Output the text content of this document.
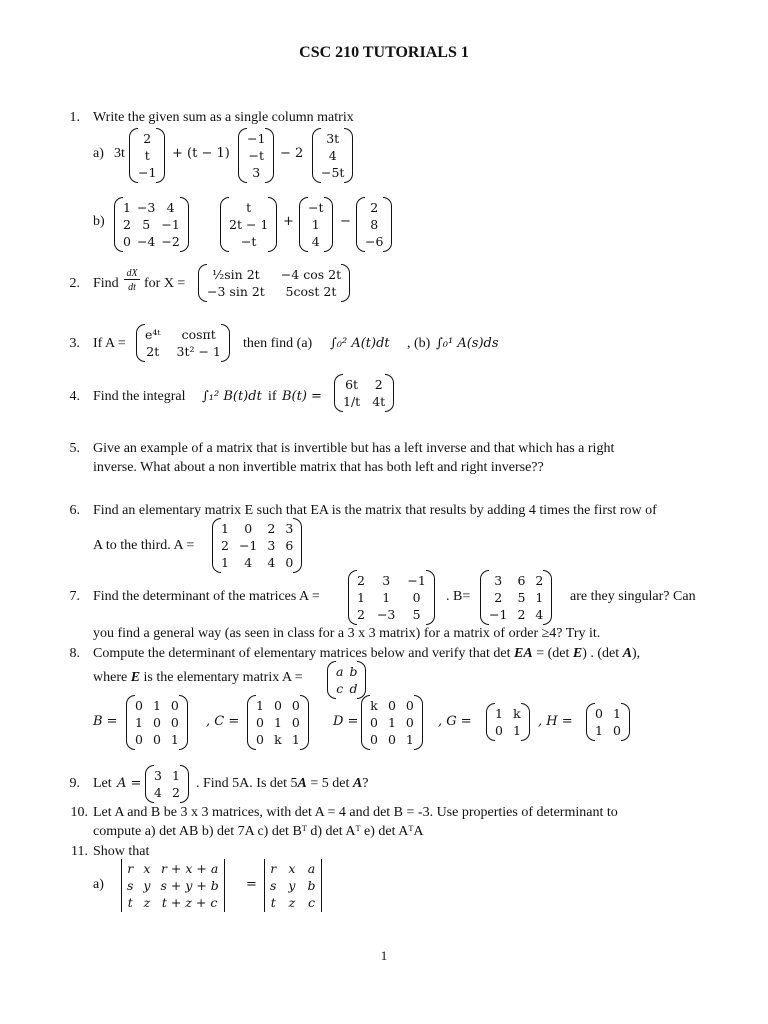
CSC 210 TUTORIALS 1
1. Write the given sum as a single column matrix
a) 3t
2
t
−1
+ (t − 1)
−1
−t
3
− 2
3t
4
−5t
b)
1 −3 4
2 5 −1
0 −4 −2
t
2t − 1
−t
+
−t
1
4
−
2
8
−6
2. Find
dX
dt for X =
½sin 2t	−4 cos 2t
−3 sin 2t	5cost 2t
3. If A =
e⁴ᵗ	cosπt
2t	3t² − 1
then find (a) ∫₀² A(t)dt , (b) ∫₀¹ A(s)ds
4. Find the integral ∫₁² B(t)dt if B(t) =
6t	2
1/t 4t
5. Give an example of a matrix that is invertible but has a left inverse and that which has a right
inverse. What about a non invertible matrix that has both left and right inverse??
6. Find an elementary matrix E such that EA is the matrix that results by adding 4 times the first row of
A to the third. A =
1	0	2 3
2 −1 3 6
1	4	4 0
7. Find the determinant of the matrices A =
2	3	−1
1	1	0
2 −3	5
. B=
3	6 2
2	5 1
−1 2 4
are they singular? Can
you find a general way (as seen in class for a 3 x 3 matrix) for a matrix of order ≥4? Try it.
8. Compute the determinant of elementary matrices below and verify that det EA = (det E) . (det A),
where E is the elementary matrix A =	a b
c d
B =
0 1 0
1 0 0
0 0 1
, C =
1 0 0
0 1 0
0 k 1
D =
k 0 0
0 1 0
0 0 1
, G =
1 k
0 1
, H =
0 1
1 0
9. Let A =
3 1
4 2
. Find 5A. Is det 5A = 5 det A?
10. Let A and B be 3 x 3 matrices, with det A = 4 and det B = -3. Use properties of determinant to
compute a) det AB b) det 7A c) det Bᵀ d) det Aᵀ e) det AᵀA
11. Show that
a)
r x r + x + a
s y s + y + b
t z t + z + c
=
r x a
s y b
t z c
1
